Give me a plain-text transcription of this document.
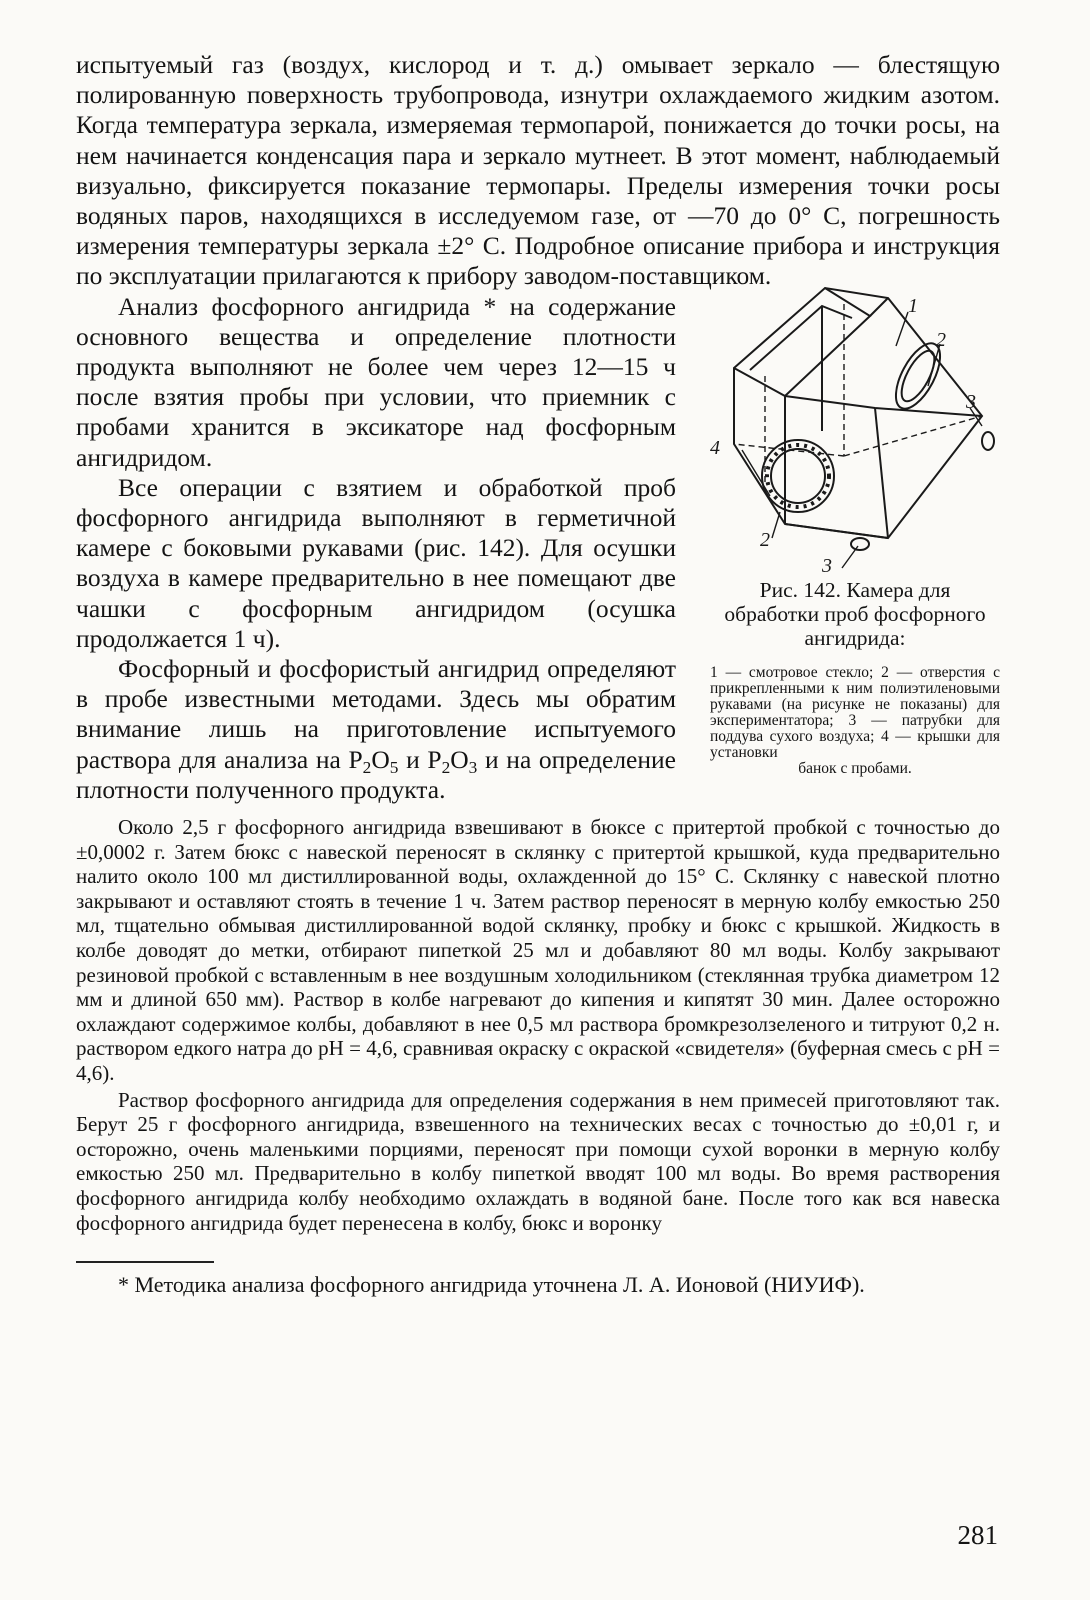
испытуемый газ (воздух, кислород и т. д.) омывает зеркало — блестящую полированную поверхность трубопровода, изнутри охлаждаемого жидким азотом. Когда температура зеркала, измеряемая термопарой, понижается до точки росы, на нем начинается конденсация пара и зеркало мутнеет. В этот момент, наблюдаемый визуально, фиксируется показание термопары. Пределы измерения точки росы водяных паров, находящихся в исследуемом газе, от —70 до 0° С, погрешность измерения температуры зеркала ±2° С. Подробное описание прибора и инструкция по эксплуатации прилагаются к прибору заводом-поставщиком.

Анализ фосфорного ангидрида * на содержание основного вещества и определение плотности продукта выполняют не более чем через 12—15 ч после взятия пробы при условии, что приемник с пробами хранится в эксикаторе над фосфорным ангидридом.

Все операции с взятием и обработкой проб фосфорного ангидрида выполняют в герметичной камере с боковыми рукавами (рис. 142). Для осушки воздуха в камере предварительно в нее помещают две чашки с фосфорным ангидридом (осушка продолжается 1 ч).

Фосфорный и фосфористый ангидрид определяют в пробе известными методами. Здесь мы обратим внимание лишь на приготовление испытуемого раствора для анализа на $P_2O_5$ и $P_2O_3$ и на определение плотности полученного продукта.

1
2
3
4
2
3

Рис. 142. Камера для обработки проб фосфорного ангидрида:

1 — смотровое стекло; 2 — отверстия с прикрепленными к ним полиэтиленовыми рукавами (на рисунке не показаны) для экспериментатора; 3 — патрубки для поддува сухого воздуха; 4 — крышки для установки
банок с пробами.

Около 2,5 г фосфорного ангидрида взвешивают в бюксе с притертой пробкой с точностью до ±0,0002 г. Затем бюкс с навеской переносят в склянку с притертой крышкой, куда предварительно налито около 100 мл дистиллированной воды, охлажденной до 15° С. Склянку с навеской плотно закрывают и оставляют стоять в течение 1 ч. Затем раствор переносят в мерную колбу емкостью 250 мл, тщательно обмывая дистиллированной водой склянку, пробку и бюкс с крышкой. Жидкость в колбе доводят до метки, отбирают пипеткой 25 мл и добавляют 80 мл воды. Колбу закрывают резиновой пробкой с вставленным в нее воздушным холодильником (стеклянная трубка диаметром 12 мм и длиной 650 мм). Раствор в колбе нагревают до кипения и кипятят 30 мин. Далее осторожно охлаждают содержимое колбы, добавляют в нее 0,5 мл раствора бромкрезолзеленого и титруют 0,2 н. раствором едкого натра до pH = 4,6, сравнивая окраску с окраской «свидетеля» (буферная смесь с pH = 4,6).

Раствор фосфорного ангидрида для определения содержания в нем примесей приготовляют так. Берут 25 г фосфорного ангидрида, взвешенного на технических весах с точностью до ±0,01 г, и осторожно, очень маленькими порциями, переносят при помощи сухой воронки в мерную колбу емкостью 250 мл. Предварительно в колбу пипеткой вводят 100 мл воды. Во время растворения фосфорного ангидрида колбу необходимо охлаждать в водяной бане. После того как вся навеска фосфорного ангидрида будет перенесена в колбу, бюкс и воронку

* Методика анализа фосфорного ангидрида уточнена Л. А. Ионовой (НИУИФ).

281
